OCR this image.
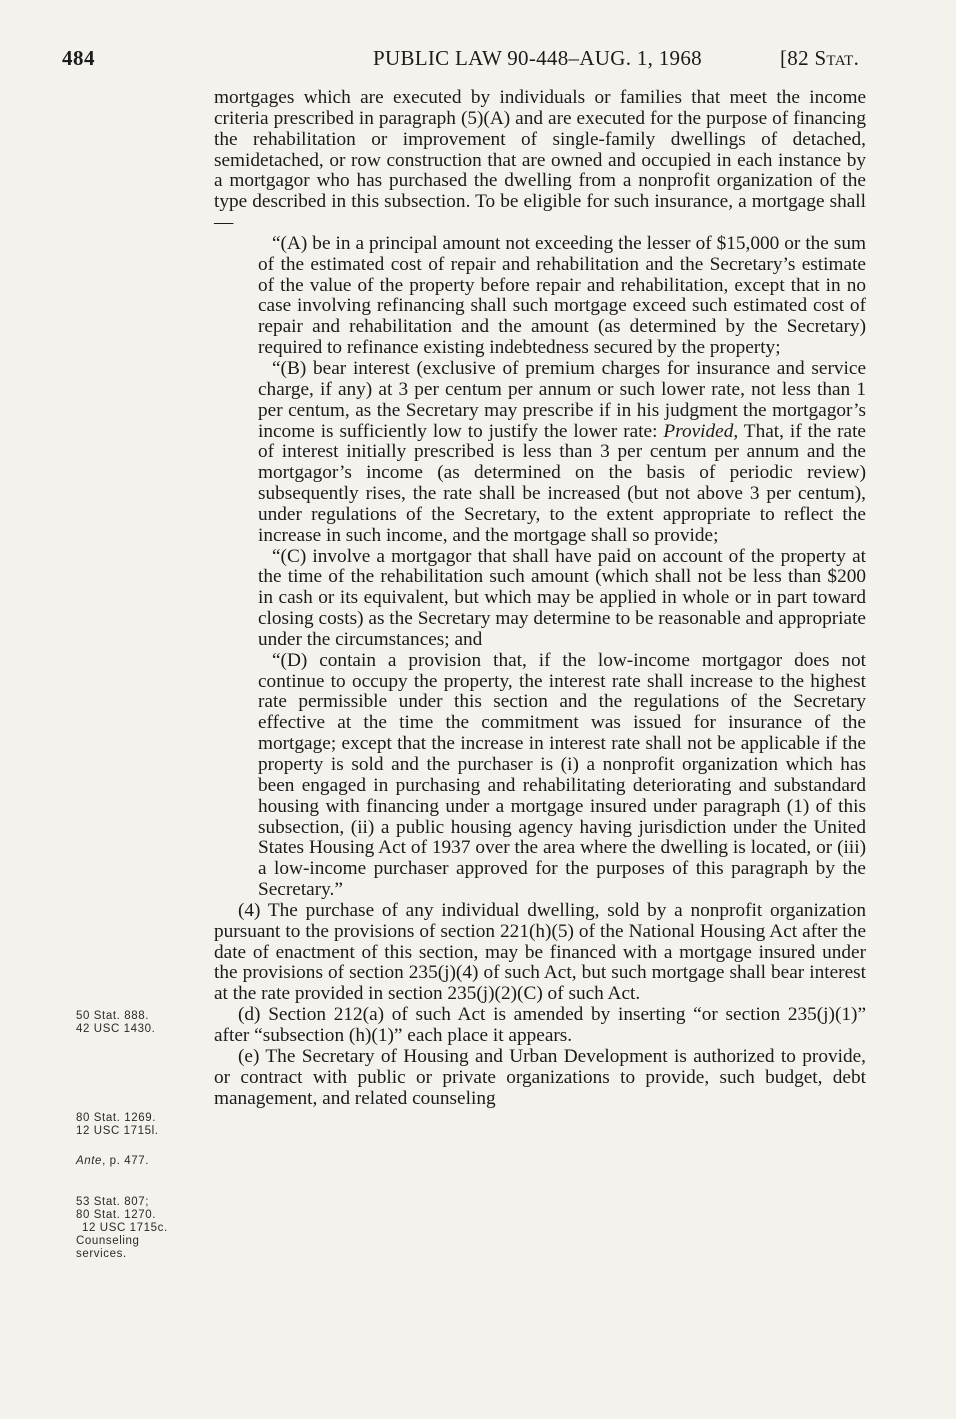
484	PUBLIC LAW 90-448–AUG. 1, 1968	[82 Stat.

mortgages which are executed by individuals or families that meet the income criteria prescribed in paragraph (5)(A) and are executed for the purpose of financing the rehabilitation or improvement of single-family dwellings of detached, semidetached, or row construction that are owned and occupied in each instance by a mortgagor who has purchased the dwelling from a nonprofit organization of the type described in this subsection. To be eligible for such insurance, a mortgage shall—

“(A) be in a principal amount not exceeding the lesser of $15,000 or the sum of the estimated cost of repair and rehabilitation and the Secretary’s estimate of the value of the property before repair and rehabilitation, except that in no case involving refinancing shall such mortgage exceed such estimated cost of repair and rehabilitation and the amount (as determined by the Secretary) required to refinance existing indebtedness secured by the property;

“(B) bear interest (exclusive of premium charges for insurance and service charge, if any) at 3 per centum per annum or such lower rate, not less than 1 per centum, as the Secretary may prescribe if in his judgment the mortgagor’s income is sufficiently low to justify the lower rate: Provided, That, if the rate of interest initially prescribed is less than 3 per centum per annum and the mortgagor’s income (as determined on the basis of periodic review) subsequently rises, the rate shall be increased (but not above 3 per centum), under regulations of the Secretary, to the extent appropriate to reflect the increase in such income, and the mortgage shall so provide;

“(C) involve a mortgagor that shall have paid on account of the property at the time of the rehabilitation such amount (which shall not be less than $200 in cash or its equivalent, but which may be applied in whole or in part toward closing costs) as the Secretary may determine to be reasonable and appropriate under the circumstances; and

“(D) contain a provision that, if the low-income mortgagor does not continue to occupy the property, the interest rate shall increase to the highest rate permissible under this section and the regulations of the Secretary effective at the time the commitment was issued for insurance of the mortgage; except that the increase in interest rate shall not be applicable if the property is sold and the purchaser is (i) a nonprofit organization which has been engaged in purchasing and rehabilitating deteriorating and substandard housing with financing under a mortgage insured under paragraph (1) of this subsection, (ii) a public housing agency having jurisdiction under the United States Housing Act of 1937 over the area where the dwelling is located, or (iii) a low-income purchaser approved for the purposes of this paragraph by the Secretary.”

(4) The purchase of any individual dwelling, sold by a nonprofit organization pursuant to the provisions of section 221(h)(5) of the National Housing Act after the date of enactment of this section, may be financed with a mortgage insured under the provisions of section 235(j)(4) of such Act, but such mortgage shall bear interest at the rate provided in section 235(j)(2)(C) of such Act.

(d) Section 212(a) of such Act is amended by inserting “or section 235(j)(1)” after “subsection (h)(1)” each place it appears.

(e) The Secretary of Housing and Urban Development is authorized to provide, or contract with public or private organizations to provide, such budget, debt management, and related counseling

50 Stat. 888.
42 USC 1430.
80 Stat. 1269.
12 USC 1715l.
Ante, p. 477.
53 Stat. 807;
80 Stat. 1270.
12 USC 1715c.
Counseling
services.
